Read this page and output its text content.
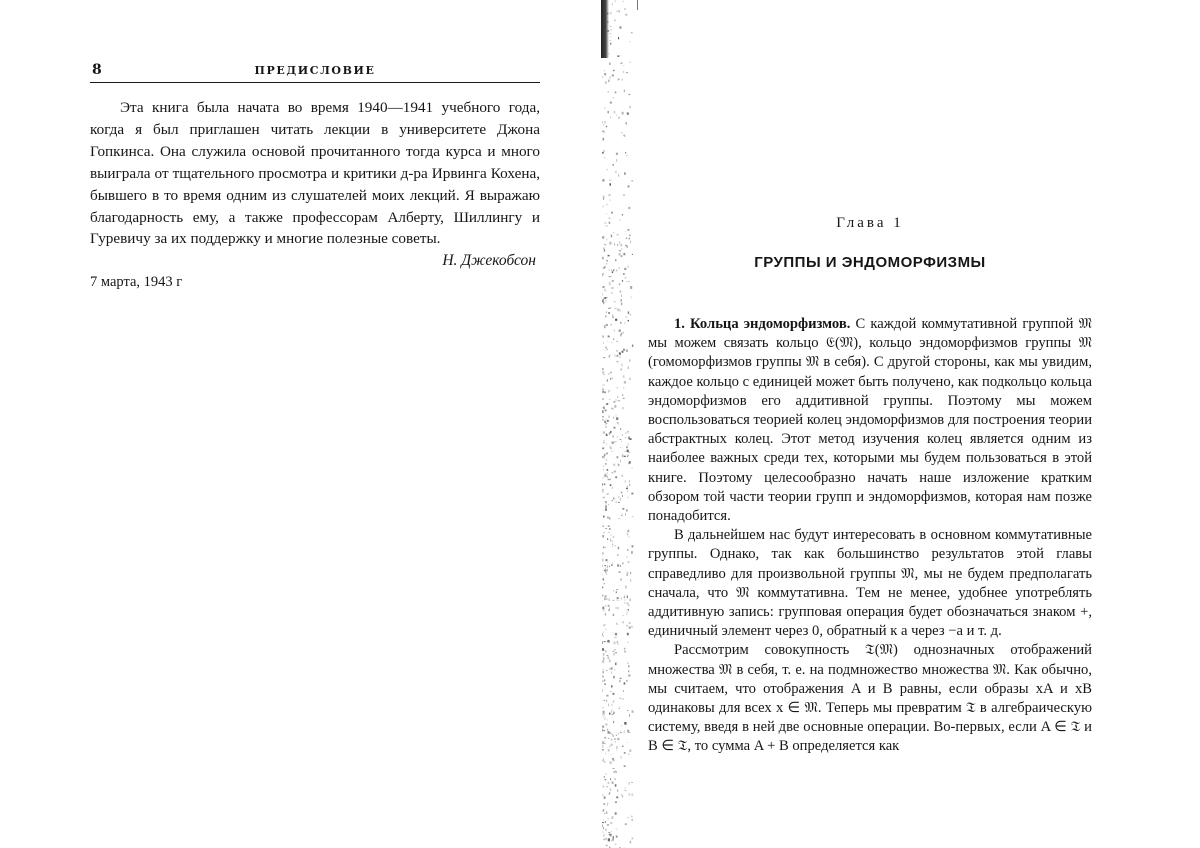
8	ПРЕДИСЛОВИЕ

Эта книга была начата во время 1940—1941 учебного года, когда я был приглашен читать лекции в университете Джона Гопкинса. Она служила основой прочитанного тогда курса и много выиграла от тщательного просмотра и критики д-ра Ирвинга Кохена, бывшего в то время одним из слушателей моих лекций. Я выражаю благодарность ему, а также профессорам Алберту, Шиллингу и Гуревичу за их поддержку и многие полезные советы.

Н. Джекобсон
7 марта, 1943 г
Глава 1
ГРУППЫ И ЭНДОМОРФИЗМЫ

1. Кольца эндоморфизмов. С каждой коммутативной группой 𝔐 мы можем связать кольцо 𝔈(𝔐), кольцо эндоморфизмов группы 𝔐 (гомоморфизмов группы 𝔐 в себя). С другой стороны, как мы увидим, каждое кольцо с единицей может быть получено, как подкольцо кольца эндоморфизмов его аддитивной группы. Поэтому мы можем воспользоваться теорией колец эндоморфизмов для построения теории абстрактных колец. Этот метод изучения колец является одним из наиболее важных среди тех, которыми мы будем пользоваться в этой книге. Поэтому целесообразно начать наше изложение кратким обзором той части теории групп и эндоморфизмов, которая нам позже понадобится.

В дальнейшем нас будут интересовать в основном коммутативные группы. Однако, так как большинство результатов этой главы справедливо для произвольной группы 𝔐, мы не будем предполагать сначала, что 𝔐 коммутативна. Тем не менее, удобнее употреблять аддитивную запись: групповая операция будет обозначаться знаком +, единичный элемент через 0, обратный к a через −a и т. д.

Рассмотрим совокупность 𝔗(𝔐) однозначных отображений множества 𝔐 в себя, т. е. на подмножество множества 𝔐. Как обычно, мы считаем, что отображения A и B равны, если образы xA и xB одинаковы для всех x ∈ 𝔐. Теперь мы превратим 𝔗 в алгебраическую систему, введя в ней две основные операции. Во-первых, если A ∈ 𝔗 и B ∈ 𝔗, то сумма A + B определяется как
